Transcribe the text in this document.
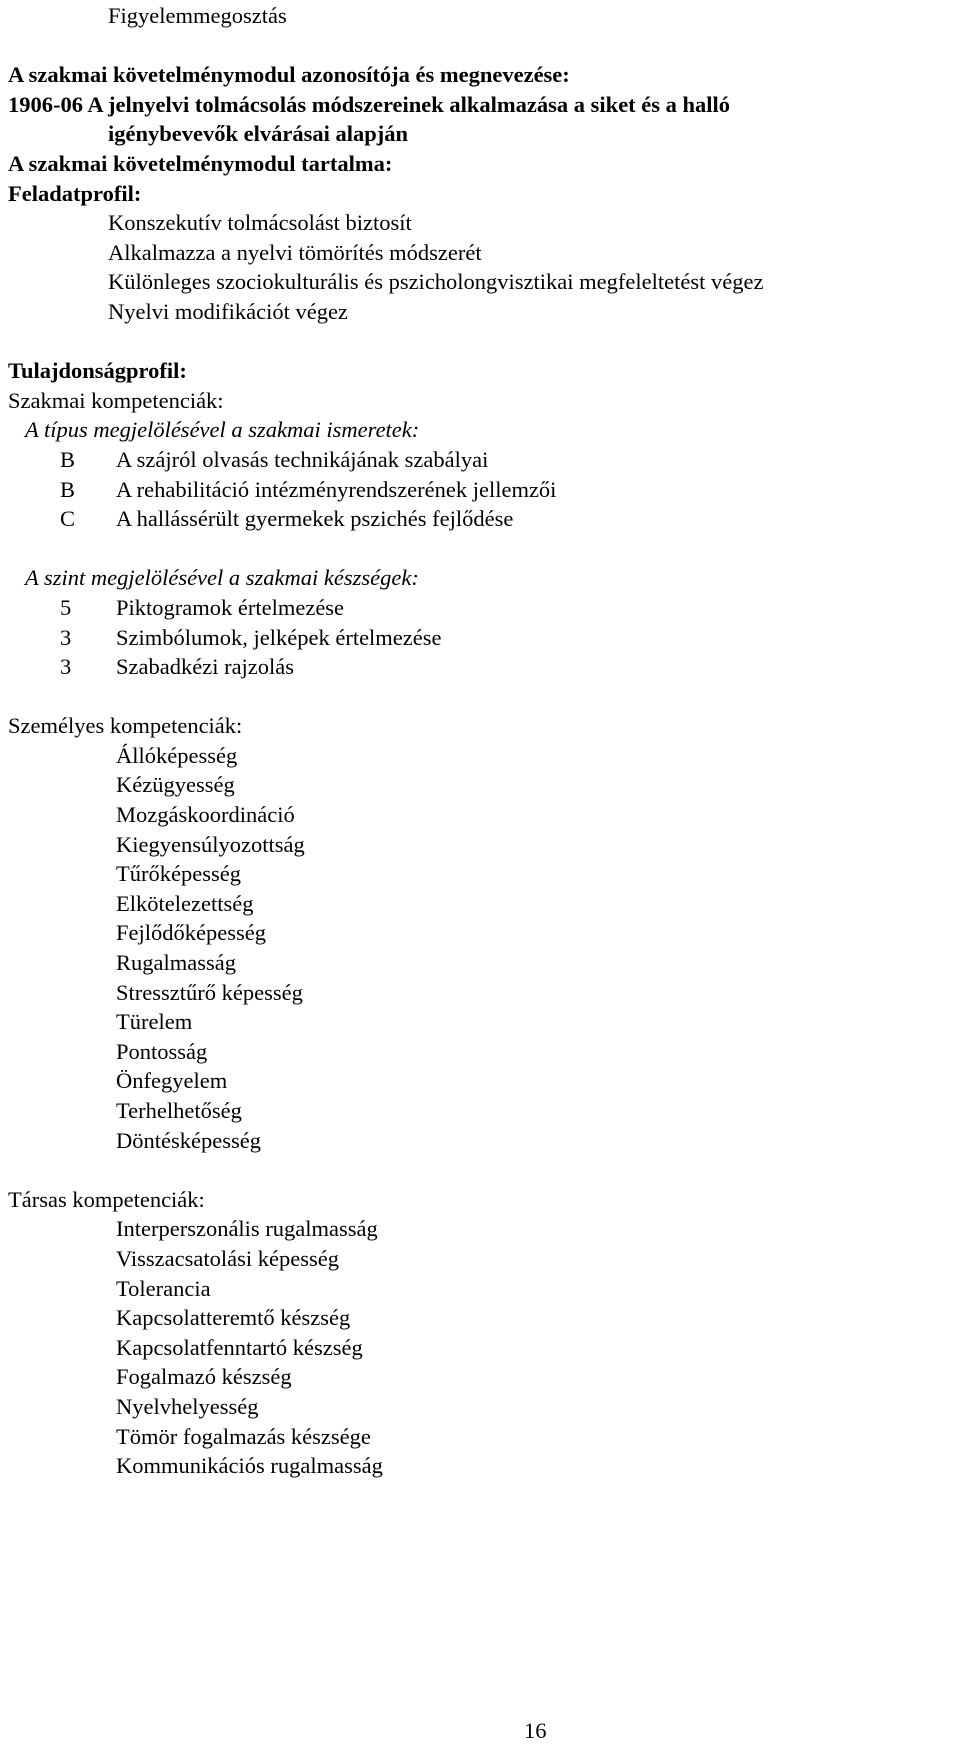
Figyelemmegosztás
A szakmai követelménymodul azonosítója és megnevezése:
1906-06 A jelnyelvi tolmácsolás módszereinek alkalmazása a siket és a halló
igénybevevők elvárásai alapján
A szakmai követelménymodul tartalma:
Feladatprofil:
Konszekutív tolmácsolást biztosít
Alkalmazza a nyelvi tömörítés módszerét
Különleges szociokulturális és pszicholongvisztikai megfeleltetést végez
Nyelvi modifikációt végez
Tulajdonságprofil:
Szakmai kompetenciák:
A típus megjelölésével a szakmai ismeretek:
B A szájról olvasás technikájának szabályai
B A rehabilitáció intézményrendszerének jellemzői
C A hallássérült gyermekek pszichés fejlődése
A szint megjelölésével a szakmai készségek:
5 Piktogramok értelmezése
3 Szimbólumok, jelképek értelmezése
3 Szabadkézi rajzolás
Személyes kompetenciák:
Állóképesség
Kézügyesség
Mozgáskoordináció
Kiegyensúlyozottság
Tűrőképesség
Elkötelezettség
Fejlődőképesség
Rugalmasság
Stressztűrő képesség
Türelem
Pontosság
Önfegyelem
Terhelhetőség
Döntésképesség
Társas kompetenciák:
Interperszonális rugalmasság
Visszacsatolási képesség
Tolerancia
Kapcsolatteremtő készség
Kapcsolatfenntartó készség
Fogalmazó készség
Nyelvhelyesség
Tömör fogalmazás készsége
Kommunikációs rugalmasság
16
